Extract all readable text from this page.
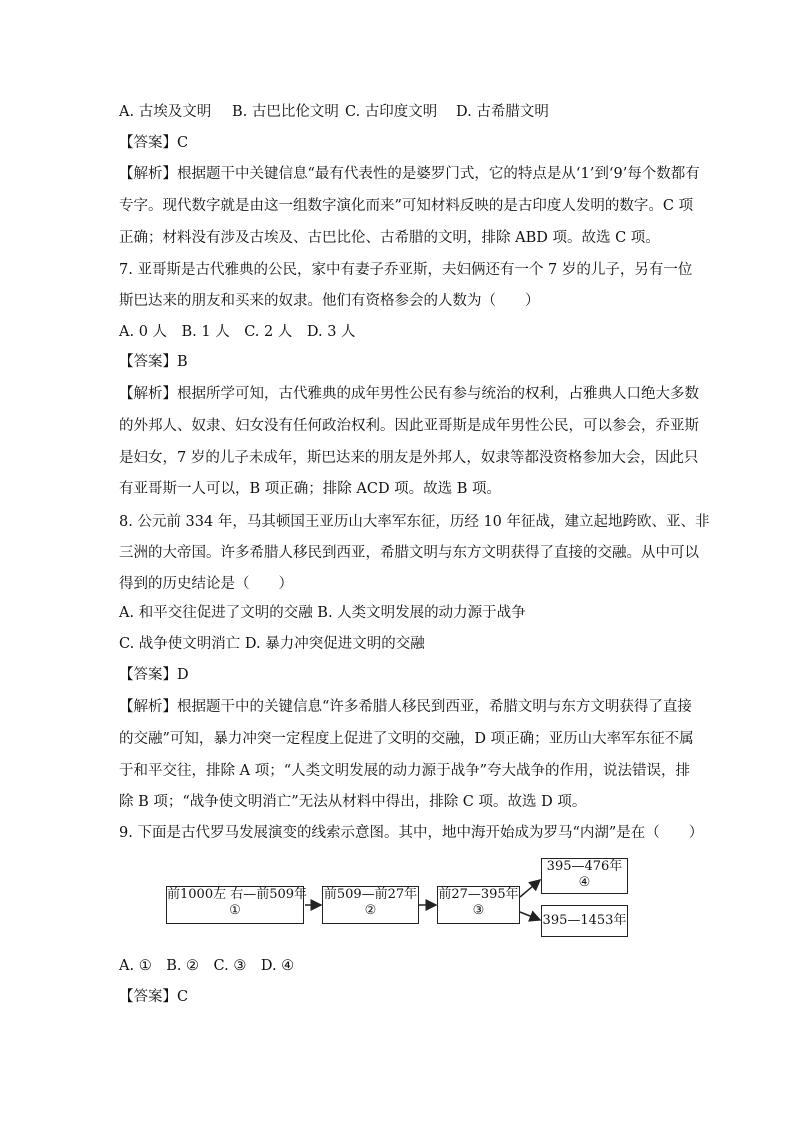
A. 古埃及文明 B. 古巴比伦文明 C. 古印度文明 D. 古希腊文明
【答案】C
【解析】根据题干中关键信息“最有代表性的是婆罗门式，它的特点是从‘1’到‘9’每个数都有
专字。现代数字就是由这一组数字演化而来”可知材料反映的是古印度人发明的数字。C 项
正确；材料没有涉及古埃及、古巴比伦、古希腊的文明，排除 ABD 项。故选 C 项。
7. 亚哥斯是古代雅典的公民，家中有妻子乔亚斯，夫妇俩还有一个 7 岁的儿子，另有一位
斯巴达来的朋友和买来的奴隶。他们有资格参会的人数为（　　）
A. 0 人　B. 1 人　C. 2 人　D. 3 人
【答案】B
【解析】根据所学可知，古代雅典的成年男性公民有参与统治的权利，占雅典人口绝大多数
的外邦人、奴隶、妇女没有任何政治权利。因此亚哥斯是成年男性公民，可以参会，乔亚斯
是妇女，7 岁的儿子未成年，斯巴达来的朋友是外邦人，奴隶等都没资格参加大会，因此只
有亚哥斯一人可以，B 项正确；排除 ACD 项。故选 B 项。
8. 公元前 334 年，马其顿国王亚历山大率军东征，历经 10 年征战，建立起地跨欧、亚、非
三洲的大帝国。许多希腊人移民到西亚，希腊文明与东方文明获得了直接的交融。从中可以
得到的历史结论是（　　）
A. 和平交往促进了文明的交融 B. 人类文明发展的动力源于战争
C. 战争使文明消亡 D. 暴力冲突促进文明的交融
【答案】D
【解析】根据题干中的关键信息“许多希腊人移民到西亚，希腊文明与东方文明获得了直接
的交融”可知，暴力冲突一定程度上促进了文明的交融，D 项正确；亚历山大率军东征不属
于和平交往，排除 A 项；“人类文明发展的动力源于战争”夸大战争的作用，说法错误，排
除 B 项；“战争使文明消亡”无法从材料中得出，排除 C 项。故选 D 项。
9. 下面是古代罗马发展演变的线索示意图。其中，地中海开始成为罗马“内湖”是在（　　）
前1000左 右—前509年
①
前509—前27年
②
前27—395年
③
395—476年
④
395—1453年
A. ①　B. ②　C. ③　D. ④
【答案】C
